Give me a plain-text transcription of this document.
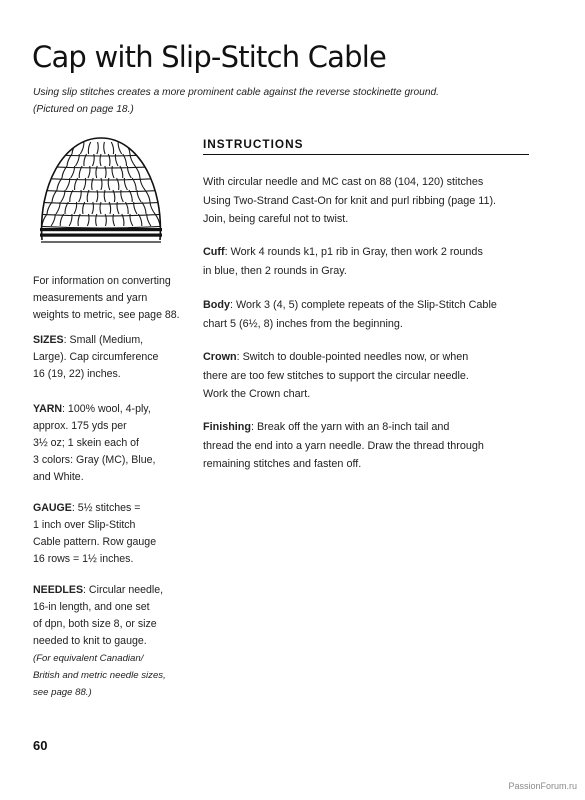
Cap with Slip-Stitch Cable
Using slip stitches creates a more prominent cable against the reverse stockinette ground.
(Pictured on page 18.)
For information on converting
measurements and yarn
weights to metric, see page 88.
SIZES: Small (Medium,
Large). Cap circumference
16 (19, 22) inches.
YARN: 100% wool, 4-ply,
approx. 175 yds per
3½ oz; 1 skein each of
3 colors: Gray (MC), Blue,
and White.
GAUGE: 5½ stitches =
1 inch over Slip-Stitch
Cable pattern. Row gauge
16 rows = 1½ inches.
NEEDLES: Circular needle,
16-in length, and one set
of dpn, both size 8, or size
needed to knit to gauge.
(For equivalent Canadian/
British and metric needle sizes,
see page 88.)
INSTRUCTIONS
With circular needle and MC cast on 88 (104, 120) stitches
Using Two-Strand Cast-On for knit and purl ribbing (page 11).
Join, being careful not to twist.
Cuff: Work 4 rounds k1, p1 rib in Gray, then work 2 rounds
in blue, then 2 rounds in Gray.
Body: Work 3 (4, 5) complete repeats of the Slip-Stitch Cable
chart 5 (6½, 8) inches from the beginning.
Crown: Switch to double-pointed needles now, or when
there are too few stitches to support the circular needle.
Work the Crown chart.
Finishing: Break off the yarn with an 8-inch tail and
thread the end into a yarn needle. Draw the thread through
remaining stitches and fasten off.
60
PassionForum.ru
